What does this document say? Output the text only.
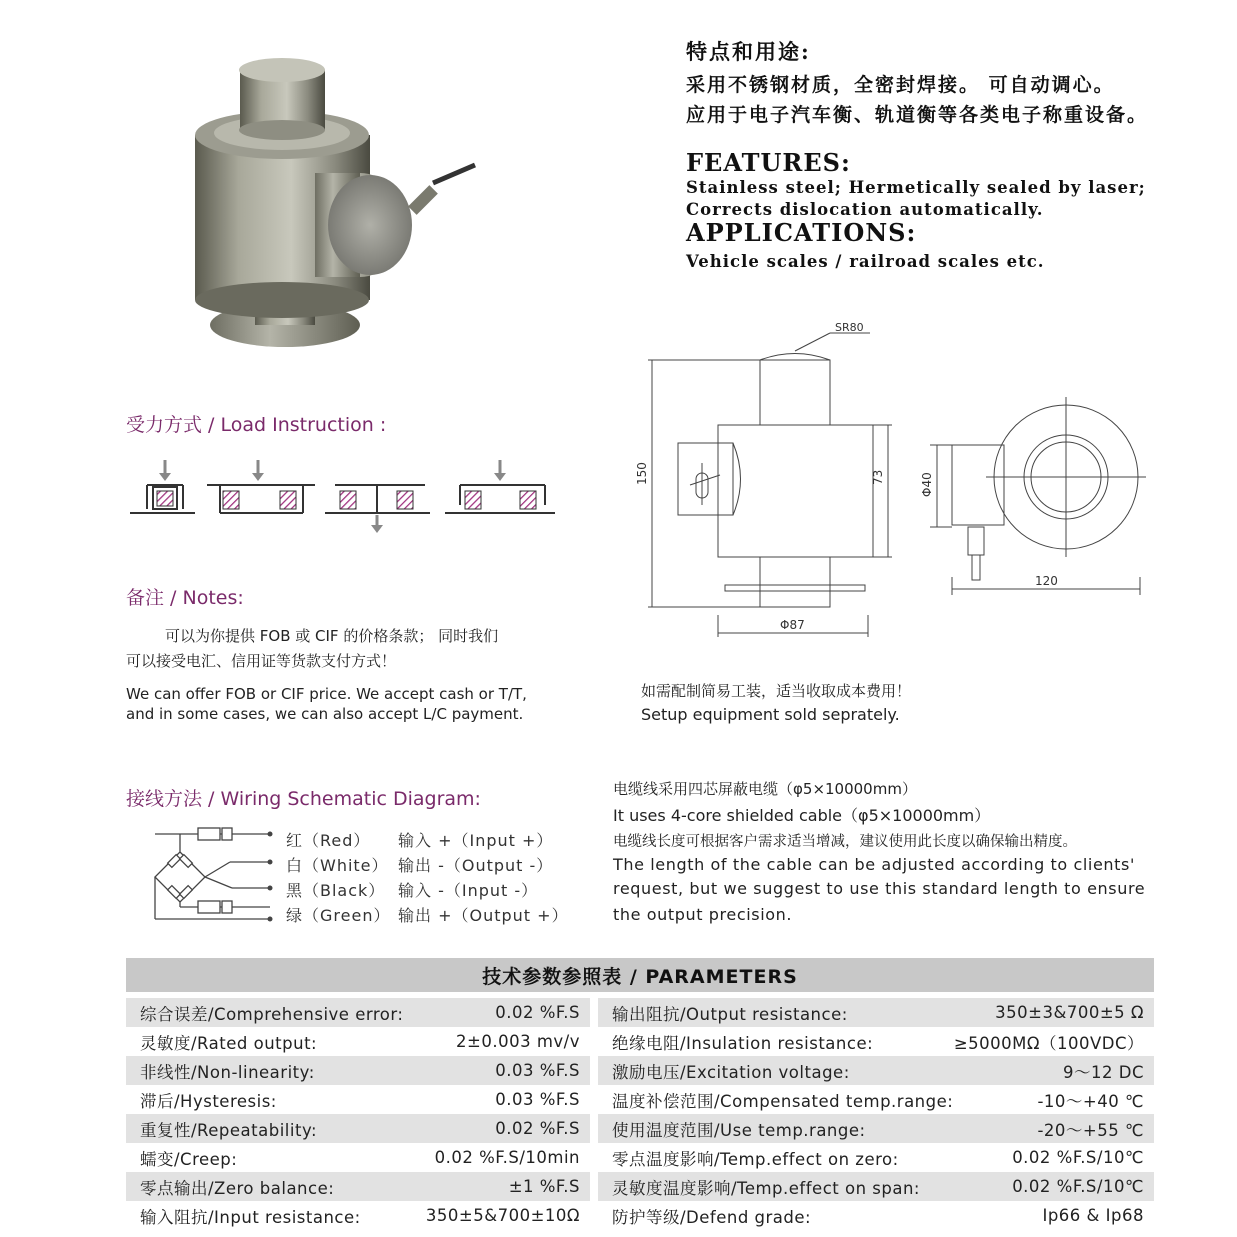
特点和用途:
采用不锈钢材质，全密封焊接。 可自动调心。
应用于电子汽车衡、轨道衡等各类电子称重设备。
FEATURES:
Stainless steel; Hermetically sealed by laser;
Corrects dislocation automatically.
APPLICATIONS:
Vehicle scales / railroad scales etc.
受力方式 / Load Instruction :
备注 / Notes:
可以为你提供 FOB 或 CIF 的价格条款； 同时我们
可以接受电汇、信用证等货款支付方式！
We can offer FOB or CIF price. We accept cash or T/T,
and in some cases, we can also accept L/C payment.
SR80
150	73
Φ87
Φ40
120
如需配制简易工装，适当收取成本费用！
Setup equipment sold seprately.
接线方法 / Wiring Schematic Diagram:
红（Red） 输入 +（Input +）
白（White） 输出 -（Output -）
黑（Black） 输入 -（Input -）
绿（Green） 输出 +（Output +）
电缆线采用四芯屏蔽电缆（φ5×10000mm）
It uses 4-core shielded cable（φ5×10000mm）
电缆线长度可根据客户需求适当增减，建议使用此长度以确保输出精度。
The length of the cable can be adjusted according to clients'
request, but we suggest to use this standard length to ensure
the output precision.
技术参数参照表 / PARAMETERS
综合误差/Comprehensive error:	0.02 %F.S
灵敏度/Rated output:	2±0.003 mv/v
非线性/Non-linearity:	0.03 %F.S
滞后/Hysteresis:	0.03 %F.S
重复性/Repeatability:	0.02 %F.S
蠕变/Creep:	0.02 %F.S/10min
零点输出/Zero balance:	±1 %F.S
输入阻抗/Input resistance:	350±5&700±10Ω
输出阻抗/Output resistance:	350±3&700±5 Ω
绝缘电阻/Insulation resistance:	≥5000MΩ（100VDC）
激励电压/Excitation voltage:	9～12 DC
温度补偿范围/Compensated temp.range:	-10～+40 ℃
使用温度范围/Use temp.range:	-20～+55 ℃
零点温度影响/Temp.effect on zero:	0.02 %F.S/10℃
灵敏度温度影响/Temp.effect on span:	0.02 %F.S/10℃
防护等级/Defend grade:	Ip66 & Ip68
